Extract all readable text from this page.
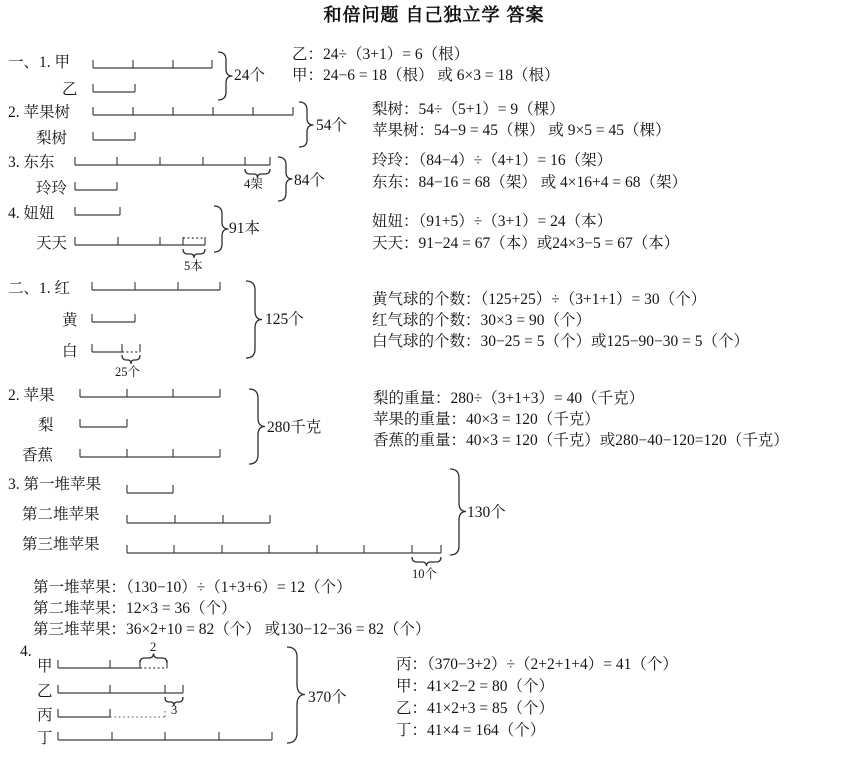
和倍问题 自己独立学 答案
一、1. 甲
乙
24个
乙：24÷（3+1）= 6（根）
甲：24−6 = 18（根） 或 6×3 = 18（根）
2. 苹果树
梨树
54个
梨树：54÷（5+1）= 9（棵）
苹果树：54−9 = 45（棵） 或 9×5 = 45（棵）
3. 东东
玲玲	4架 84个
玲玲：（84−4）÷（4+1）= 16（架）
东东：84−16 = 68（架） 或 4×16+4 = 68（架）
4. 妞妞
天天
5本
91本	妞妞：（91+5）÷（3+1）= 24（本）
天天：91−24 = 67（本）或24×3−5 = 67（本）
二、1. 红
黄
白
25个
125个
黄气球的个数：（125+25）÷（3+1+1）= 30（个）
红气球的个数：30×3 = 90（个）
白气球的个数：30−25 = 5（个）或125−90−30 = 5（个）
2. 苹果
梨
香蕉
280千克
梨的重量：280÷（3+1+3）= 40（千克）
苹果的重量：40×3 = 120（千克）
香蕉的重量：40×3 = 120（千克）或280−40−120=120（千克）
3. 第一堆苹果
第二堆苹果
第三堆苹果
10个
130个
第一堆苹果：（130−10）÷（1+3+6）= 12（个）
第二堆苹果：12×3 = 36（个）
第三堆苹果：36×2+10 = 82（个） 或130−12−36 = 82（个）
4.
甲
乙
丙
丁
2
3
370个
丙：（370−3+2）÷（2+2+1+4）= 41（个）
甲：41×2−2 = 80（个）
乙：41×2+3 = 85（个）
丁：41×4 = 164（个）
